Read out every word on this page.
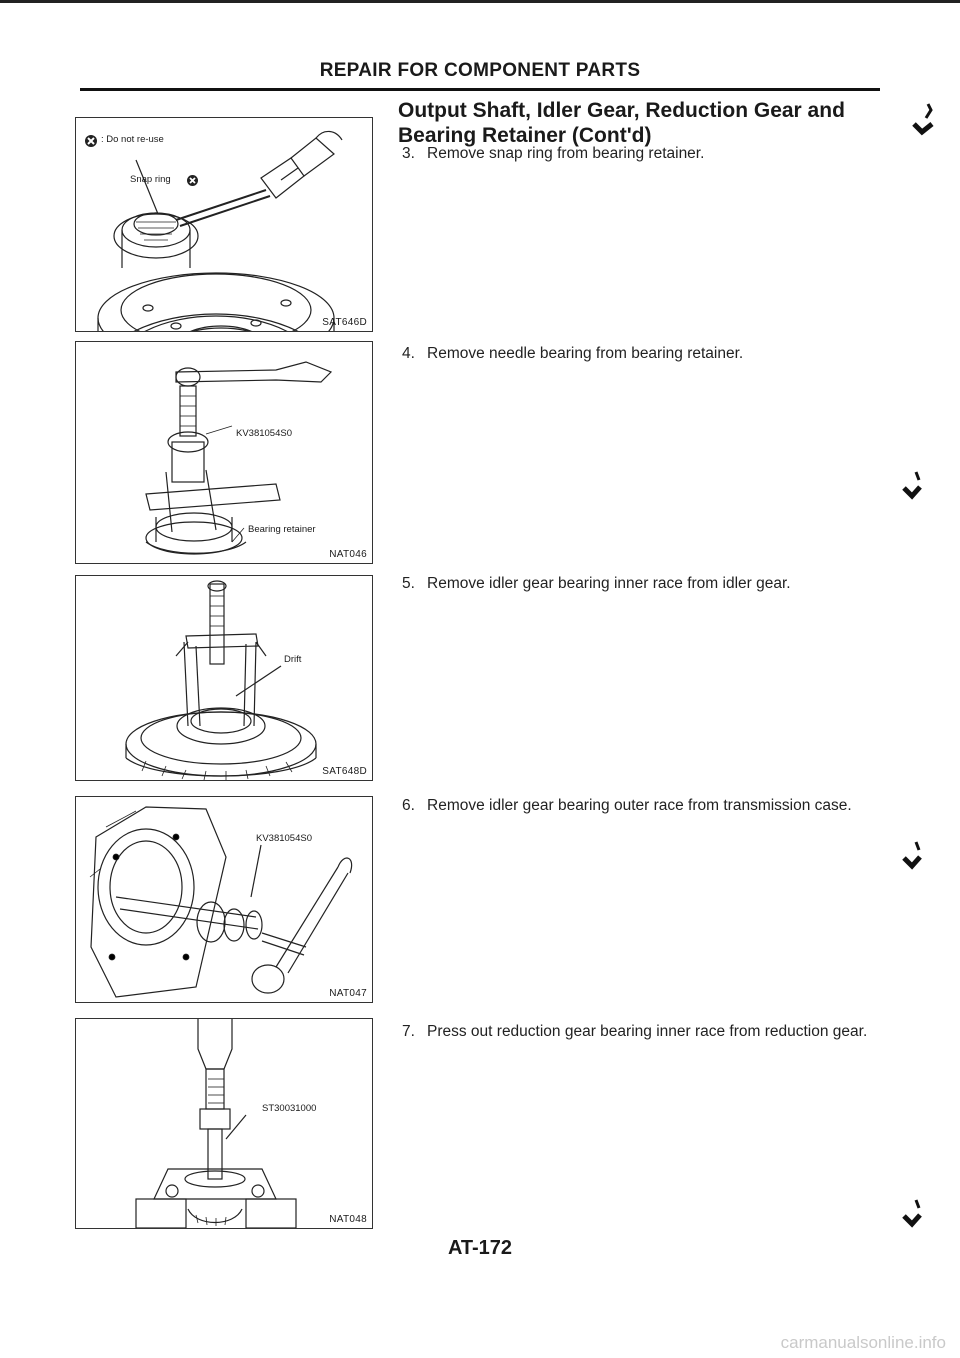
REPAIR FOR COMPONENT PARTS
Output Shaft, Idler Gear, Reduction Gear and
Bearing Retainer (Cont'd)
3. Remove snap ring from bearing retainer.
4. Remove needle bearing from bearing retainer.
5. Remove idler gear bearing inner race from idler gear.
6. Remove idler gear bearing outer race from transmission case.
7. Press out reduction gear bearing inner race from reduction gear.
: Do not re-use
Snap ring
SAT646D
KV381054S0
Bearing retainer
NAT046
Drift
SAT648D
KV381054S0
NAT047
ST30031000
NAT048
AT-172
carmanualsonline.info
